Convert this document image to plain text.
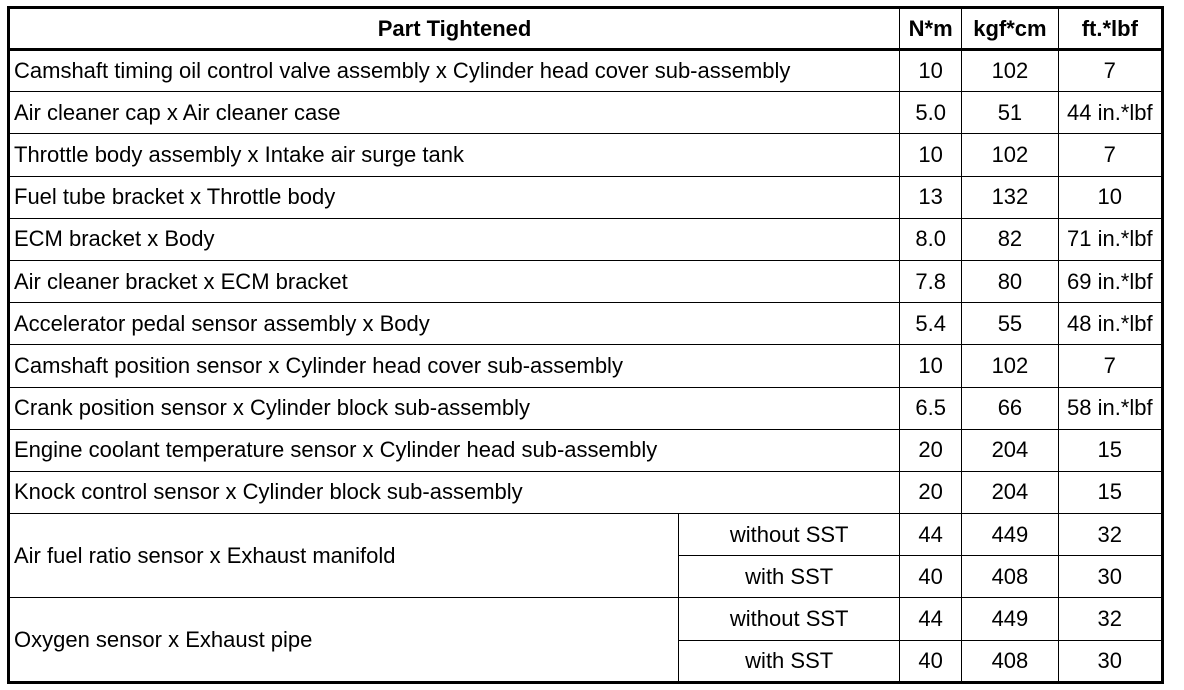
Part Tightened		N*m	kgf*cm	ft.*lbf
Camshaft timing oil control valve assembly x Cylinder head cover sub-assembly		10	102	7
Air cleaner cap x Air cleaner case		5.0	51	44 in.*lbf
Throttle body assembly x Intake air surge tank		10	102	7
Fuel tube bracket x Throttle body		13	132	10
ECM bracket x Body		8.0	82	71 in.*lbf
Air cleaner bracket x ECM bracket		7.8	80	69 in.*lbf
Accelerator pedal sensor assembly x Body		5.4	55	48 in.*lbf
Camshaft position sensor x Cylinder head cover sub-assembly		10	102	7
Crank position sensor x Cylinder block sub-assembly		6.5	66	58 in.*lbf
Engine coolant temperature sensor x Cylinder head sub-assembly		20	204	15
Knock control sensor x Cylinder block sub-assembly		20	204	15
Air fuel ratio sensor x Exhaust manifold	without SST	44	449	32
	with SST	40	408	30
Oxygen sensor x Exhaust pipe	without SST	44	449	32
	with SST	40	408	30
